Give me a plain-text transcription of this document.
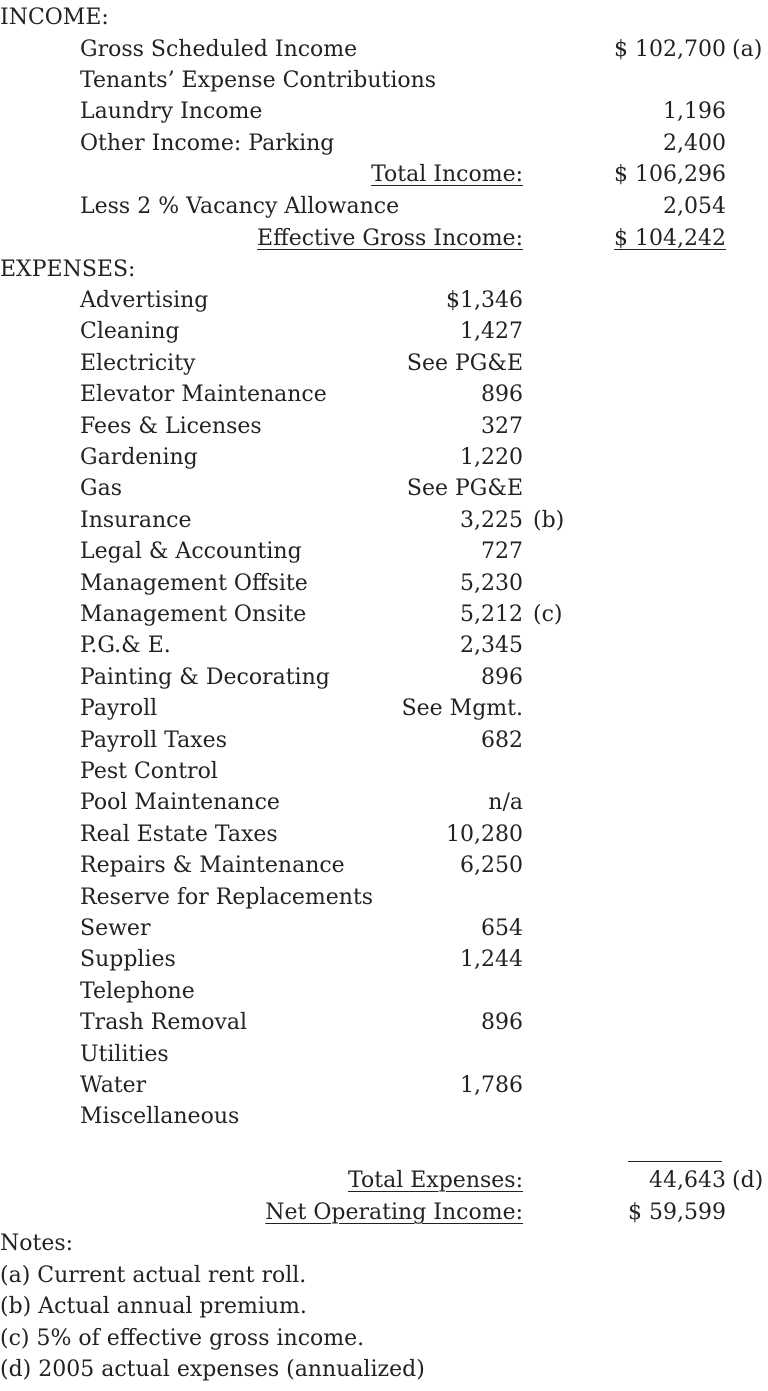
INCOME:
Gross Scheduled Income	$ 102,700 (a)
Tenants’ Expense Contributions
Laundry Income	1,196
Other Income: Parking	2,400
Total Income:	$ 106,296
Less 2 % Vacancy Allowance	2,054
Effective Gross Income:	$ 104,242
EXPENSES:
Advertising	$1,346
Cleaning	1,427
Electricity	See PG&E
Elevator Maintenance	896
Fees & Licenses	327
Gardening	1,220
Gas	See PG&E
Insurance	3,225 (b)
Legal & Accounting	727
Management Offsite	5,230
Management Onsite	5,212 (c)
P.G.& E.	2,345
Painting & Decorating	896
Payroll	See Mgmt.
Payroll Taxes	682
Pest Control
Pool Maintenance	n/a
Real Estate Taxes	10,280
Repairs & Maintenance	6,250
Reserve for Replacements
Sewer	654
Supplies	1,244
Telephone
Trash Removal	896
Utilities
Water	1,786
Miscellaneous
Total Expenses:	44,643 (d)
Net Operating Income:	$ 59,599
Notes:
(a) Current actual rent roll.
(b) Actual annual premium.
(c) 5% of effective gross income.
(d) 2005 actual expenses (annualized)
